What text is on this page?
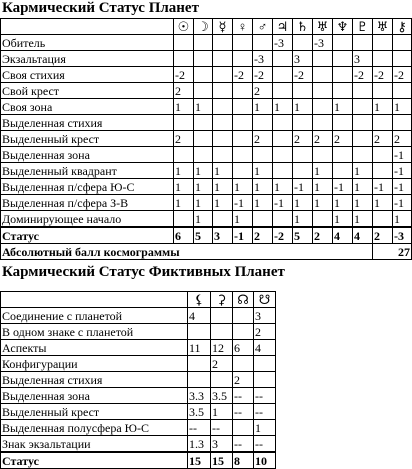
Кармический Статус Планет
	☉	☽	☿	♀	♂	♃	♄	♅	♆	♇	♅	⚷
Обитель						-3		-3				
Экзальтация					-3		3			3		
Своя стихия	-2			-2	-2		-2			-2	-2	-2
Свой крест	2				2							
Своя зона	1	1			1	1	1		1		1	1
Выделенная стихия												
Выделенный крест	2				2		2	2	2		2	2
Выделенная зона												-1
Выделенный квадрант	1	1	1		1			1		1		-1
Выделенная п/сфера Ю-С	1	1	1	1	1	1	-1	1	-1	1	-1	-1
Выделенная п/сфера З-В	1	1	1	-1	1	-1	1	1	1	1	1	-1
Доминирующее начало		1		1			1		1	1		1
Статус	6	5	3	-1	2	-2	5	2	4	4	2	-3
Абсолютный балл космограммы												27
Кармический Статус Фиктивных Планет
	⚸	⚳	☊	☋
Соединение с планетой	4			3
В одном знаке с планетой				2
Аспекты	11	12	6	4
Конфигурации		2		
Выделенная стихия			2	
Выделенная зона	3.3	3.5	--	--
Выделенный крест	3.5	1	--	--
Выделенная полусфера Ю-С	--	--		1
Знак экзальтации	1.3	3	--	--
Статус	15	15	8	10
